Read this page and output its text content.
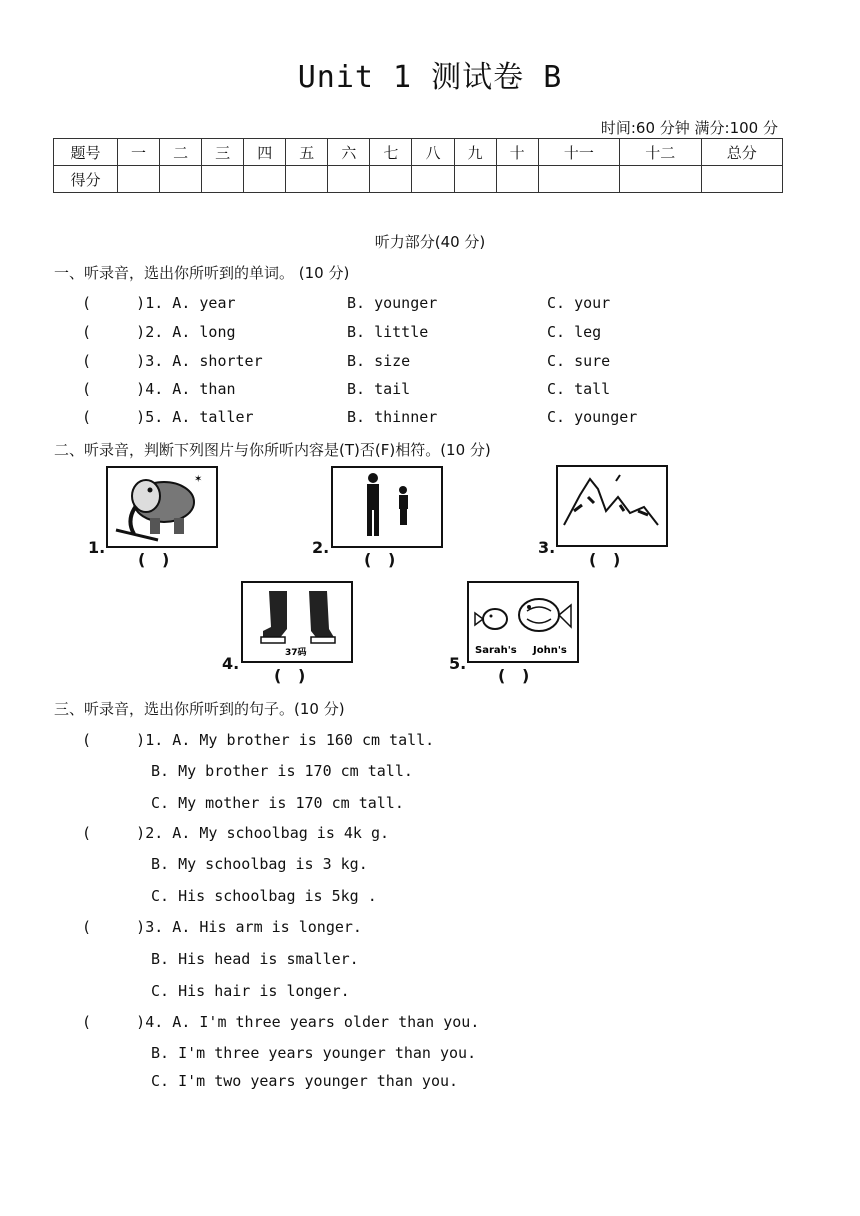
Unit 1 测试卷 B
时间:60 分钟 满分:100 分
题号	一	二	三	四	五	六	七	八	九	十	十一	十二	总分
得分													
听力部分(40 分)
一、听录音，选出你所听到的单词。 (10 分)
(     )1. A. year	B. younger	C. your
(     )2. A. long	B. little	C. leg
(     )3. A. shorter	B. size	C. sure
(     )4. A. than	B. tail	C. tall
(     )5. A. taller	B. thinner	C. younger
二、听录音，判断下列图片与你所听内容是(T)否(F)相符。(10 分)
✶
1.
(   )
2.
(   )
3.
(   )
37码
4.
(   )
Sarah's John's
5.
(   )
三、听录音，选出你所听到的句子。(10 分)
(     )1. A. My brother is 160 cm tall.
B. My brother is 170 cm tall.
C. My mother is 170 cm tall.
(     )2. A. My schoolbag is 4k g.
B. My schoolbag is 3 kg.
C. His schoolbag is 5kg .
(     )3. A. His arm is longer.
B. His head is smaller.
C. His hair is longer.
(     )4. A. I'm three years older than you.
B. I'm three years younger than you.
C. I'm two years younger than you.
